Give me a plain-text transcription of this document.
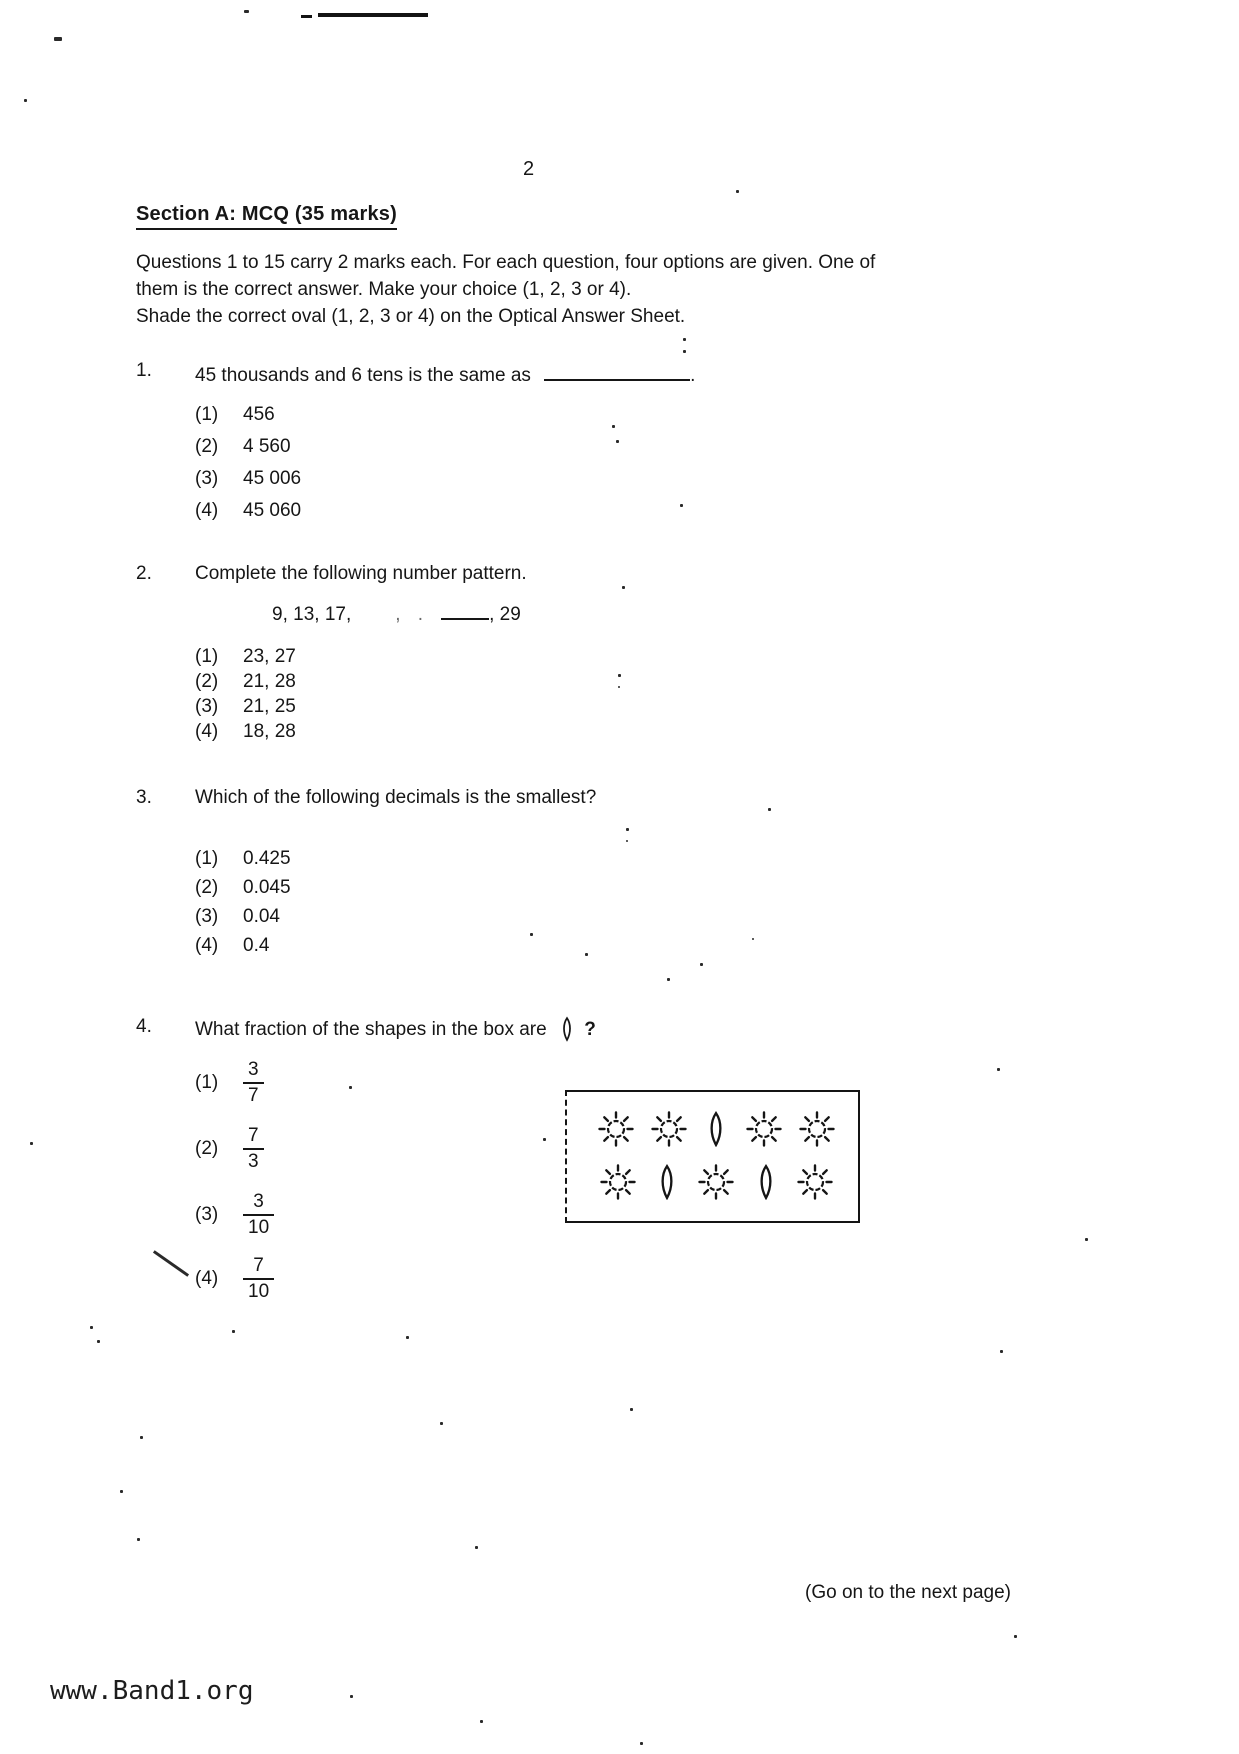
2
Section A: MCQ (35 marks)
Questions 1 to 15 carry 2 marks each. For each question, four options are given. One of
them is the correct answer. Make your choice (1, 2, 3 or 4).
Shade the correct oval (1, 2, 3 or 4) on the Optical Answer Sheet.
1. 45 thousands and 6 tens is the same as	.
(1)	456
(2)	4 560
(3)	45 006
(4)	45 060
2. Complete the following number pattern.
9, 13, 17, , .	, 29
(1)	23, 27
(2)	21, 28
(3)	21, 25
(4)	18, 28
3. Which of the following decimals is the smallest?
(1)	0.425
(2)	0.045
(3)	0.04
(4)	0.4
4. What fraction of the shapes in the box are ?
(1)	$\frac{3}{7}$
(2)	$\frac{7}{3}$
(3)	$\frac{3}{10}$
(4)	$\frac{7}{10}$
(Go on to the next page)
www.Band1.org
